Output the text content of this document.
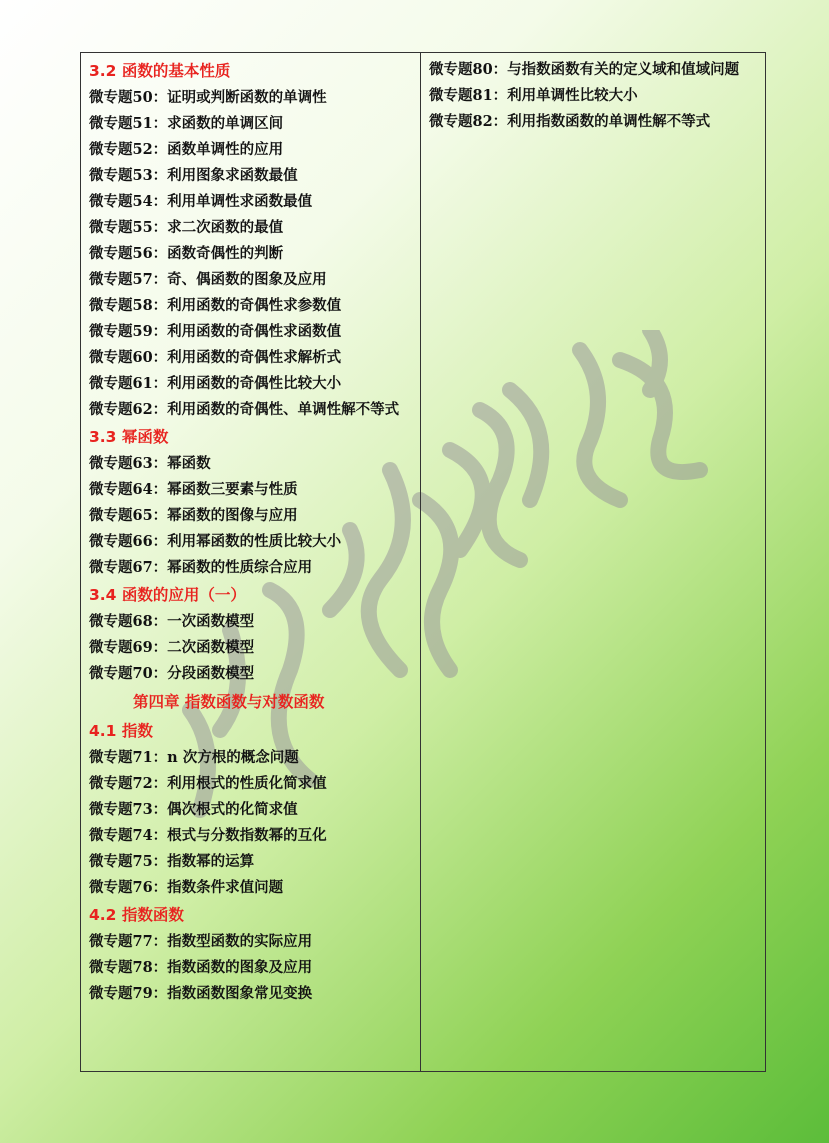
3.2 函数的基本性质
微专题50：证明或判断函数的单调性
微专题51：求函数的单调区间
微专题52：函数单调性的应用
微专题53：利用图象求函数最值
微专题54：利用单调性求函数最值
微专题55：求二次函数的最值
微专题56：函数奇偶性的判断
微专题57：奇、偶函数的图象及应用
微专题58：利用函数的奇偶性求参数值
微专题59：利用函数的奇偶性求函数值
微专题60：利用函数的奇偶性求解析式
微专题61：利用函数的奇偶性比较大小
微专题62：利用函数的奇偶性、单调性解不等式
3.3 幂函数
微专题63：幂函数
微专题64：幂函数三要素与性质
微专题65：幂函数的图像与应用
微专题66：利用幂函数的性质比较大小
微专题67：幂函数的性质综合应用
3.4 函数的应用（一）
微专题68：一次函数模型
微专题69：二次函数模型
微专题70：分段函数模型
第四章 指数函数与对数函数
4.1 指数
微专题71：n 次方根的概念问题
微专题72：利用根式的性质化简求值
微专题73：偶次根式的化简求值
微专题74：根式与分数指数幂的互化
微专题75：指数幂的运算
微专题76：指数条件求值问题
4.2 指数函数
微专题77：指数型函数的实际应用
微专题78：指数函数的图象及应用
微专题79：指数函数图象常见变换
微专题80：与指数函数有关的定义域和值域问题
微专题81：利用单调性比较大小
微专题82：利用指数函数的单调性解不等式
